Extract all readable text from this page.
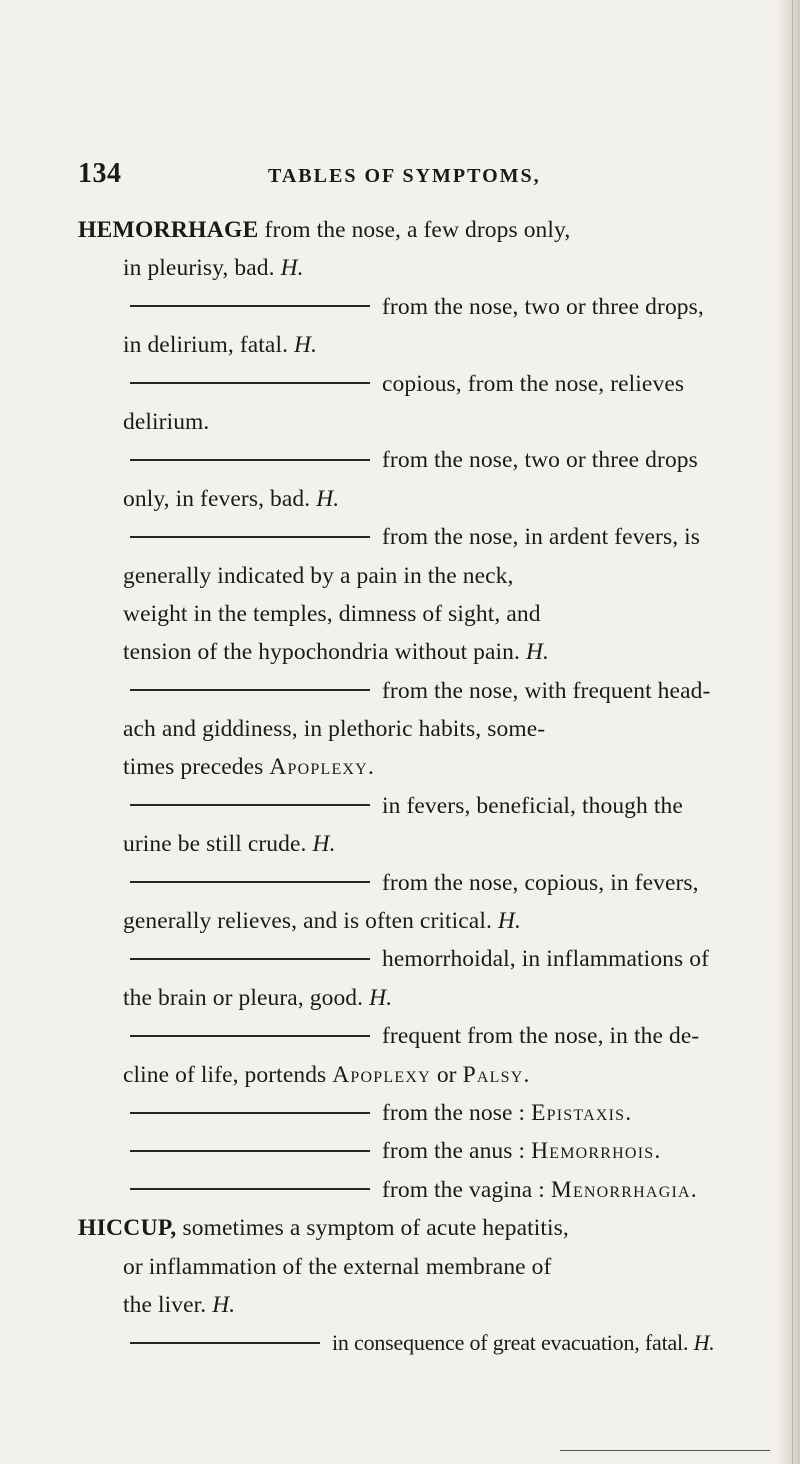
134	TABLES OF SYMPTOMS,
HEMORRHAGE from the nose, a few drops only,
in pleurisy, bad. H.
from the nose, two or three drops,
in delirium, fatal. H.
copious, from the nose, relieves
delirium.
from the nose, two or three drops
only, in fevers, bad. H.
from the nose, in ardent fevers, is
generally indicated by a pain in the neck,
weight in the temples, dimness of sight, and
tension of the hypochondria without pain. H.
from the nose, with frequent head-
ach and giddiness, in plethoric habits, some-
times precedes Apoplexy.
in fevers, beneficial, though the
urine be still crude. H.
from the nose, copious, in fevers,
generally relieves, and is often critical. H.
hemorrhoidal, in inflammations of
the brain or pleura, good. H.
frequent from the nose, in the de-
cline of life, portends Apoplexy or Palsy.
from the nose : Epistaxis.
from the anus : Hemorrhois.
from the vagina : Menorrhagia.
HICCUP, sometimes a symptom of acute hepatitis,
or inflammation of the external membrane of
the liver. H.
in consequence of great evacuation, fatal. H.
